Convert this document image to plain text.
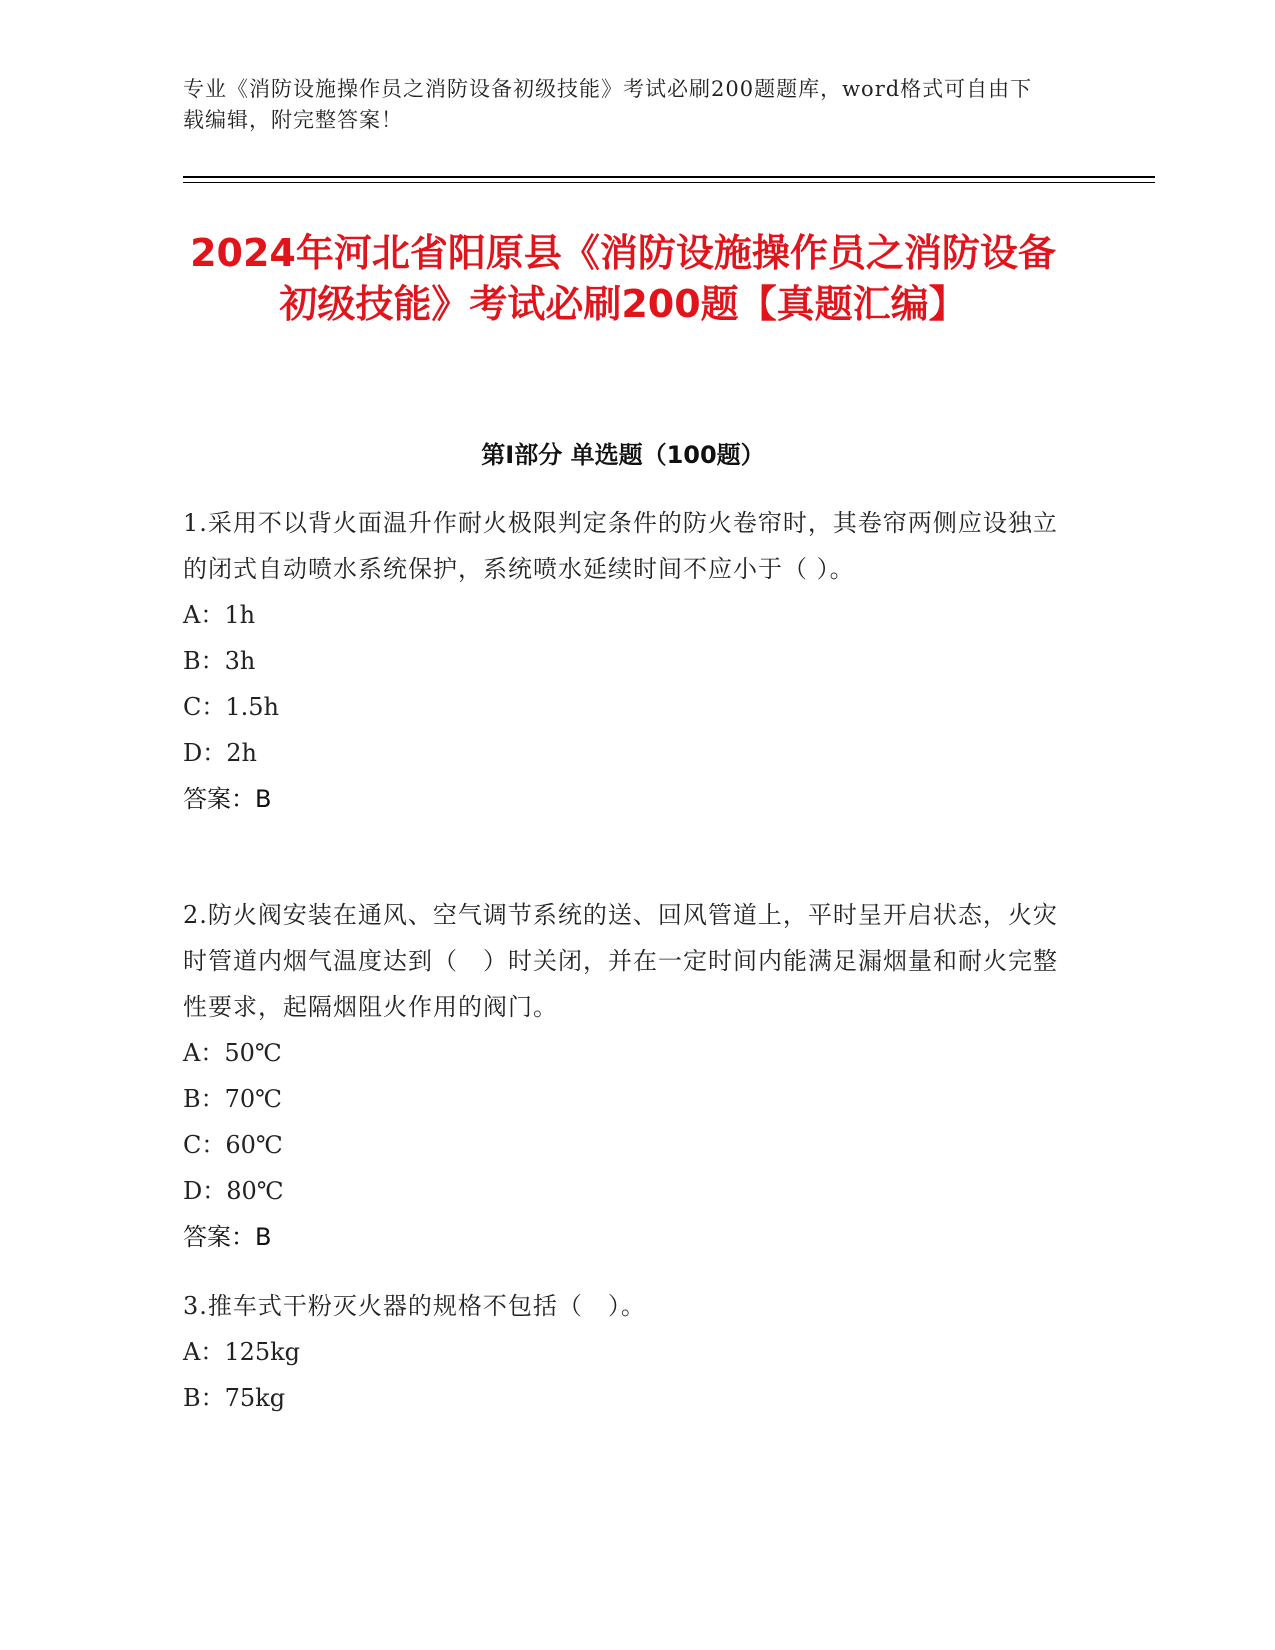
专业《消防设施操作员之消防设备初级技能》考试必刷200题题库，word格式可自由下载编辑，附完整答案！
2024年河北省阳原县《消防设施操作员之消防设备初级技能》考试必刷200题【真题汇编】
第Ⅰ部分 单选题（100题）
1.采用不以背火面温升作耐火极限判定条件的防火卷帘时，其卷帘两侧应设独立的闭式自动喷水系统保护，系统喷水延续时间不应小于（ ）。
A：1h
B：3h
C：1.5h
D：2h
答案：B
2.防火阀安装在通风、空气调节系统的送、回风管道上，平时呈开启状态，火灾时管道内烟气温度达到（　）时关闭，并在一定时间内能满足漏烟量和耐火完整性要求，起隔烟阻火作用的阀门。
A：50℃
B：70℃
C：60℃
D：80℃
答案：B
3.推车式干粉灭火器的规格不包括（　）。
A：125kg
B：75kg
